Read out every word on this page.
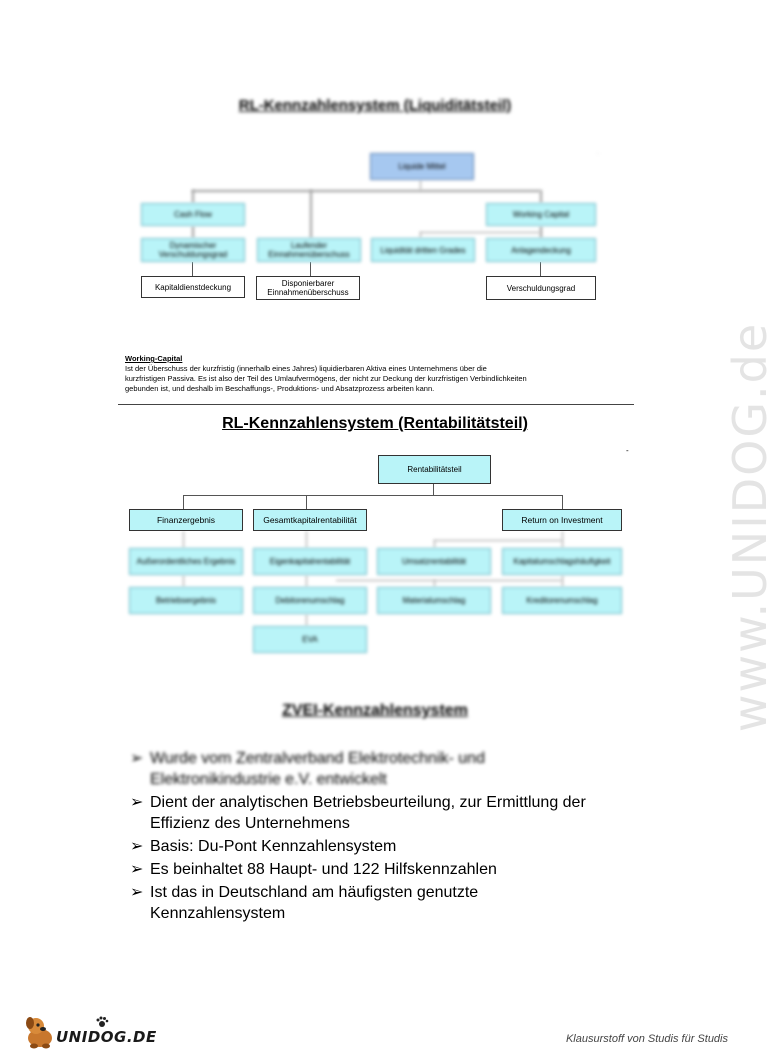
www.UNIDOG.de
RL-Kennzahlensystem (Liquiditätsteil)
Liquide Mittel
Cash Flow	Working Capital
Dynamischer Verschuldungsgrad
Laufender Einnahmenüberschuss	Liquidität dritten Grades	Anlagendeckung
Kapitaldienstdeckung	Disponierbarer
Einnahmenüberschuss	Verschuldungsgrad
.
Working-Capital
Ist der Überschuss der kurzfristig (innerhalb eines Jahres) liquidierbaren Aktiva eines Unternehmens über die
kurzfristigen Passiva. Es ist also der Teil des Umlaufvermögens, der nicht zur Deckung der kurzfristigen Verbindlichkeiten
gebunden ist, und deshalb im Beschaffungs-, Produktions- und Absatzprozess arbeiten kann.
RL-Kennzahlensystem (Rentabilitätsteil)
Rentabilitätsteil
Finanzergebnis	Gesamtkapitalrentabilität	Return on Investment
Außerordentliches Ergebnis	Eigenkapitalrentabilität	Umsatzrentabilität	Kapitalumschlagshäufigkeit
Betriebsergebnis	Debitorenumschlag	Materialumschlag	Kreditorenumschlag
EVA
-
ZVEI-Kennzahlensystem
➢ Wurde vom Zentralverband Elektrotechnik- und
Elektronikindustrie e.V. entwickelt
➢ Dient der analytischen Betriebsbeurteilung, zur Ermittlung der
Effizienz des Unternehmens
➢ Basis: Du-Pont Kennzahlensystem
➢ Es beinhaltet 88 Haupt- und 122 Hilfskennzahlen
➢ Ist das in Deutschland am häufigsten genutzte
Kennzahlensystem
UNIDOG.DE	Klausurstoff von Studis für Studis
